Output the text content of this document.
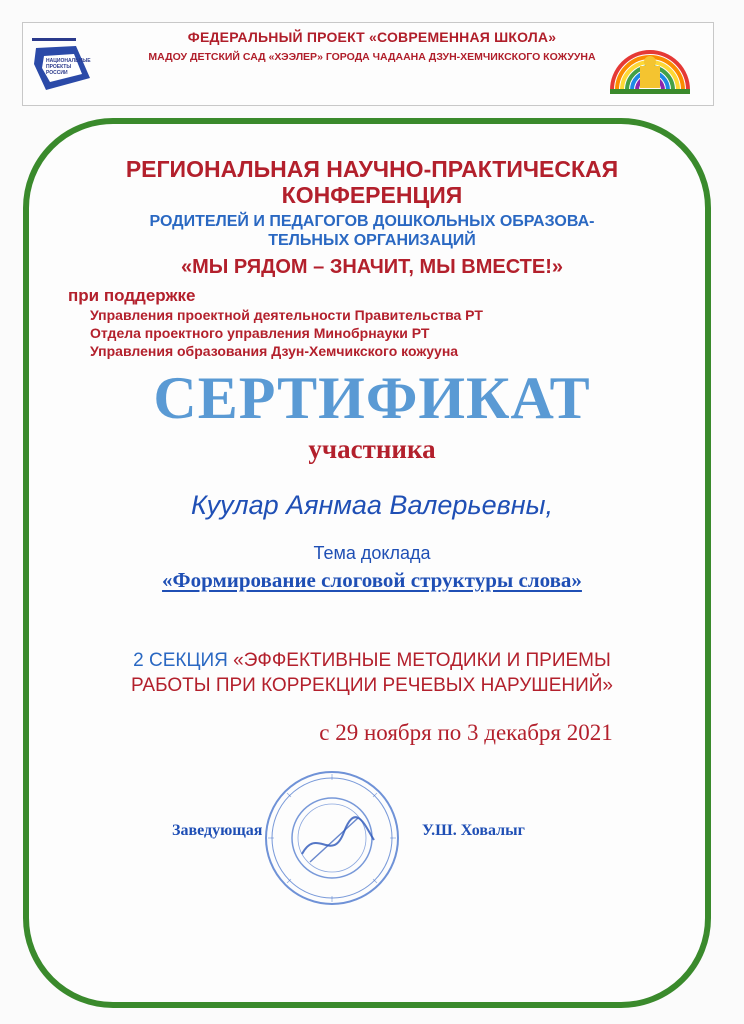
НАЦИОНАЛЬНЫЕ ПРОЕКТЫ РОССИИ
ФЕДЕРАЛЬНЫЙ ПРОЕКТ «СОВРЕМЕННАЯ ШКОЛА»
МАДОУ ДЕТСКИЙ САД «ХЭЭЛЕР» ГОРОДА ЧАДААНА ДЗУН-ХЕМЧИКСКОГО КОЖУУНА
РЕГИОНАЛЬНАЯ НАУЧНО-ПРАКТИЧЕСКАЯ
КОНФЕРЕНЦИЯ
РОДИТЕЛЕЙ И ПЕДАГОГОВ ДОШКОЛЬНЫХ ОБРАЗОВА-
ТЕЛЬНЫХ ОРГАНИЗАЦИЙ
«МЫ РЯДОМ – ЗНАЧИТ, МЫ ВМЕСТЕ!»
при поддержке
Управления проектной деятельности Правительства РТ
Отдела проектного управления Минобрнауки РТ
Управления образования Дзун-Хемчикского кожууна
СЕРТИФИКАТ
участника
Куулар Аянмаа Валерьевны,
Тема доклада
«Формирование слоговой структуры слова»
2 СЕКЦИЯ «ЭФФЕКТИВНЫЕ МЕТОДИКИ И ПРИЕМЫ
РАБОТЫ ПРИ КОРРЕКЦИИ РЕЧЕВЫХ НАРУШЕНИЙ»
с 29 ноября по 3 декабря 2021
Заведующая	У.Ш. Ховалыг
